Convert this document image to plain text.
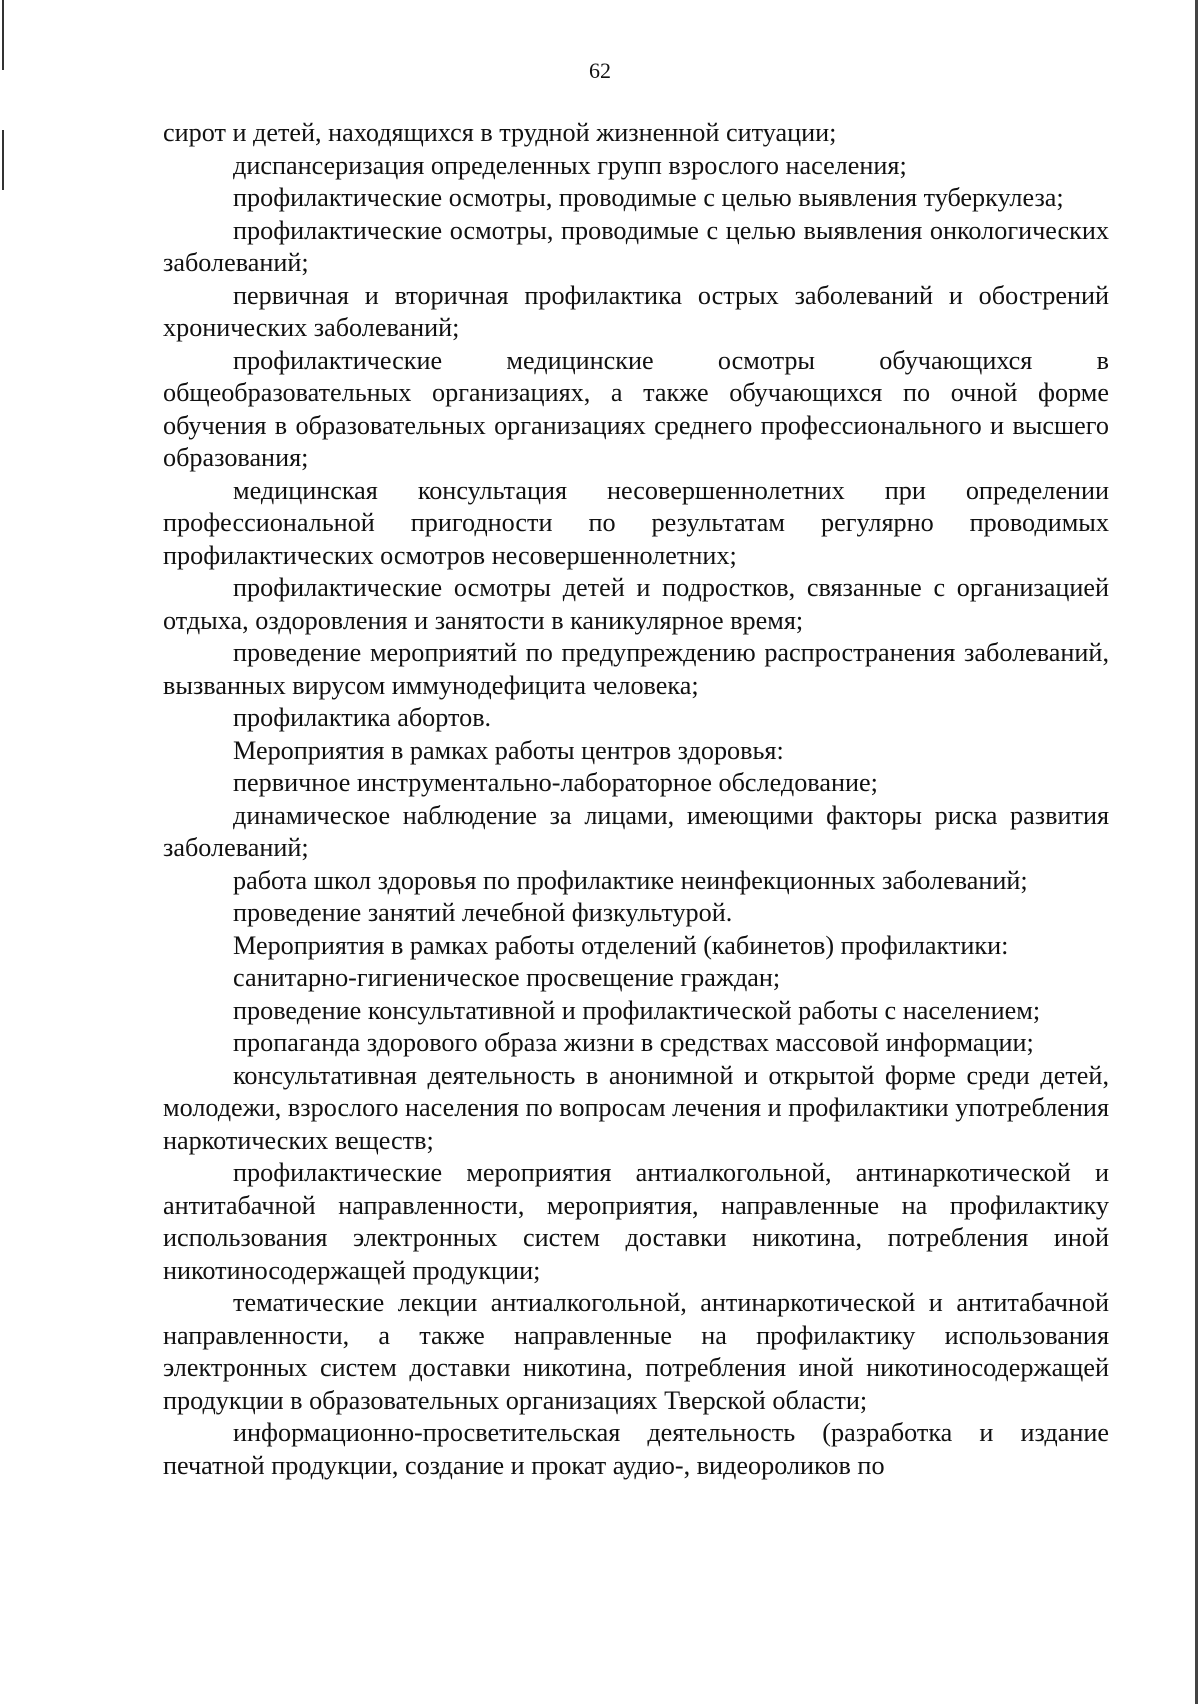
62

сирот и детей, находящихся в трудной жизненной ситуации;

диспансеризация определенных групп взрослого населения;

профилактические осмотры, проводимые с целью выявления туберкулеза;

профилактические осмотры, проводимые с целью выявления онкологических заболеваний;

первичная и вторичная профилактика острых заболеваний и обострений хронических заболеваний;

профилактические медицинские осмотры обучающихся в общеобразовательных организациях, а также обучающихся по очной форме обучения в образовательных организациях среднего профессионального и высшего образования;

медицинская консультация несовершеннолетних при определении профессиональной пригодности по результатам регулярно проводимых профилактических осмотров несовершеннолетних;

профилактические осмотры детей и подростков, связанные с организацией отдыха, оздоровления и занятости в каникулярное время;

проведение мероприятий по предупреждению распространения заболеваний, вызванных вирусом иммунодефицита человека;

профилактика абортов.

Мероприятия в рамках работы центров здоровья:

первичное инструментально-лабораторное обследование;

динамическое наблюдение за лицами, имеющими факторы риска развития заболеваний;

работа школ здоровья по профилактике неинфекционных заболеваний;

проведение занятий лечебной физкультурой.

Мероприятия в рамках работы отделений (кабинетов) профилактики:

санитарно-гигиеническое просвещение граждан;

проведение консультативной и профилактической работы с населением;

пропаганда здорового образа жизни в средствах массовой информации;

консультативная деятельность в анонимной и открытой форме среди детей, молодежи, взрослого населения по вопросам лечения и профилактики употребления наркотических веществ;

профилактические мероприятия антиалкогольной, антинаркотической и антитабачной направленности, мероприятия, направленные на профилактику использования электронных систем доставки никотина, потребления иной никотиносодержащей продукции;

тематические лекции антиалкогольной, антинаркотической и антитабачной направленности, а также направленные на профилактику использования электронных систем доставки никотина, потребления иной никотиносодержащей продукции в образовательных организациях Тверской области;

информационно-просветительская деятельность (разработка и издание печатной продукции, создание и прокат аудио-, видеороликов по
